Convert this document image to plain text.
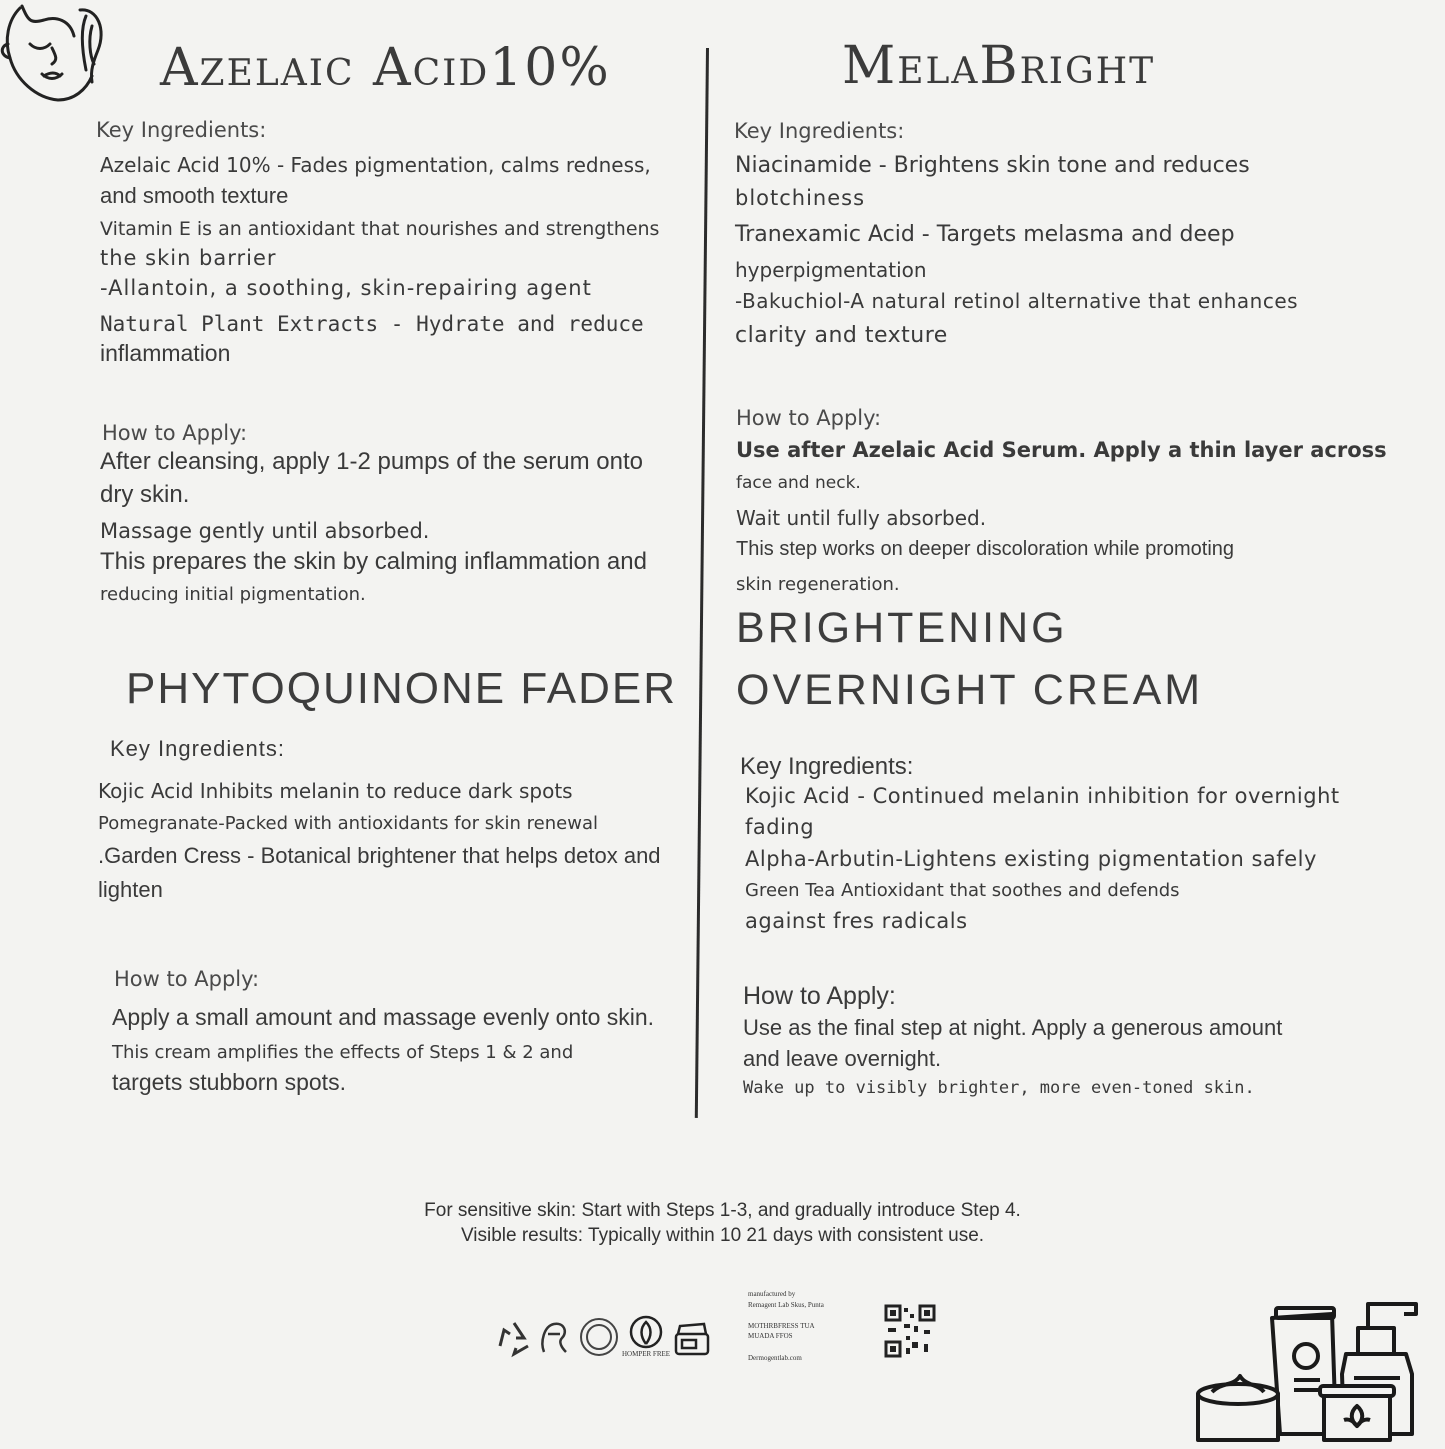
Azelaic Acid10%
Key Ingredients:
Azelaic Acid 10% - Fades pigmentation, calms redness,
and smooth texture
Vitamin E is an antioxidant that nourishes and strengthens
the skin barrier
-Allantoin, a soothing, skin-repairing agent
Natural Plant Extracts - Hydrate and reduce
inflammation
How to Apply:
After cleansing, apply 1-2 pumps of the serum onto
dry skin.
Massage gently until absorbed.
This prepares the skin by calming inflammation and
reducing initial pigmentation.
PHYTOQUINONE FADER
Key Ingredients:
Kojic Acid Inhibits melanin to reduce dark spots
Pomegranate-Packed with antioxidants for skin renewal
.Garden Cress - Botanical brightener that helps detox and
lighten
How to Apply:
Apply a small amount and massage evenly onto skin.
This cream amplifies the effects of Steps 1 & 2 and
targets stubborn spots.
MelaBright
Key Ingredients:
Niacinamide - Brightens skin tone and reduces
blotchiness
Tranexamic Acid - Targets melasma and deep
hyperpigmentation
-Bakuchiol-A natural retinol alternative that enhances
clarity and texture
How to Apply:
Use after Azelaic Acid Serum. Apply a thin layer across
face and neck.
Wait until fully absorbed.
This step works on deeper discoloration while promoting
skin regeneration.
BRIGHTENING
OVERNIGHT CREAM
Key Ingredients:
Kojic Acid - Continued melanin inhibition for overnight
fading
Alpha-Arbutin-Lightens existing pigmentation safely
Green Tea Antioxidant that soothes and defends
against fres radicals
How to Apply:
Use as the final step at night. Apply a generous amount
and leave overnight.
Wake up to visibly brighter, more even-toned skin.
For sensitive skin: Start with Steps 1-3, and gradually introduce Step 4.
Visible results: Typically within 10 21 days with consistent use.
HOMPER FREE
manufactured by
Remagent Lab Skus, Punta
MOTHRBFRESS TUA
MUADA FFOS
Dermogentlab.com
